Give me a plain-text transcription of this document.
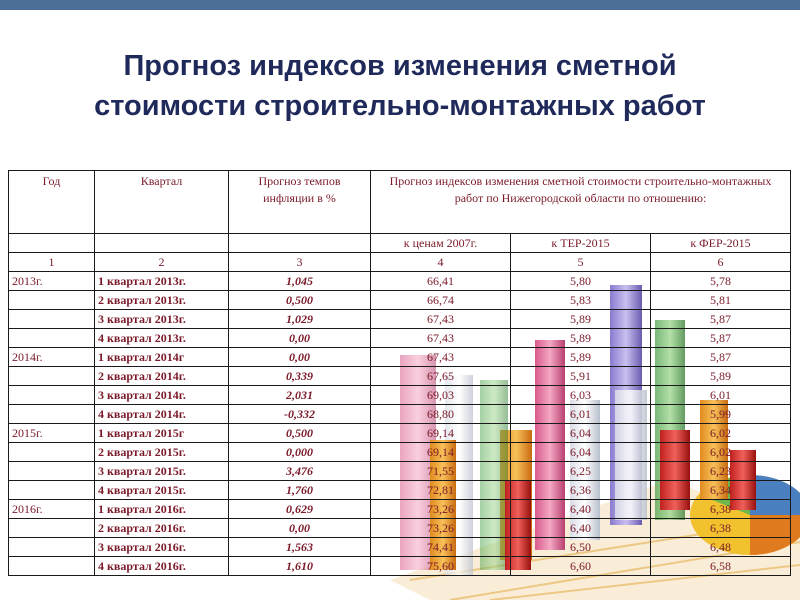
Прогноз индексов изменения сметной
стоимости строительно-монтажных работ
Год	Квартал	Прогноз темпов инфляции в %	Прогноз индексов изменения сметной стоимости строительно-монтажных работ по Нижегородской области по отношению:		
			к ценам 2007г.	к ТЕР-2015	к ФЕР-2015
1	2	3	4	5	6
2013г.	1 квартал 2013г.	1,045	66,41	5,80	5,78
	2 квартал 2013г.	0,500	66,74	5,83	5,81
	3 квартал 2013г.	1,029	67,43	5,89	5,87
	4 квартал 2013г.	0,00	67,43	5,89	5,87
2014г.	1 квартал 2014г	0,00	67,43	5,89	5,87
	2 квартал 2014г.	0,339	67,65	5,91	5,89
	3 квартал 2014г.	2,031	69,03	6,03	6,01
	4 квартал 2014г.	-0,332	68,80	6,01	5,99
2015г.	1 квартал 2015г	0,500	69,14	6,04	6,02
	2 квартал 2015г.	0,000	69,14	6,04	6,02
	3 квартал 2015г.	3,476	71,55	6,25	6,23
	4 квартал 2015г.	1,760	72,81	6,36	6,34
2016г.	1 квартал 2016г.	0,629	73,26	6,40	6,38
	2 квартал 2016г.	0,00	73,26	6,40	6,38
	3 квартал 2016г.	1,563	74,41	6,50	6,48
	4 квартал 2016г.	1,610	75,60	6,60	6,58
